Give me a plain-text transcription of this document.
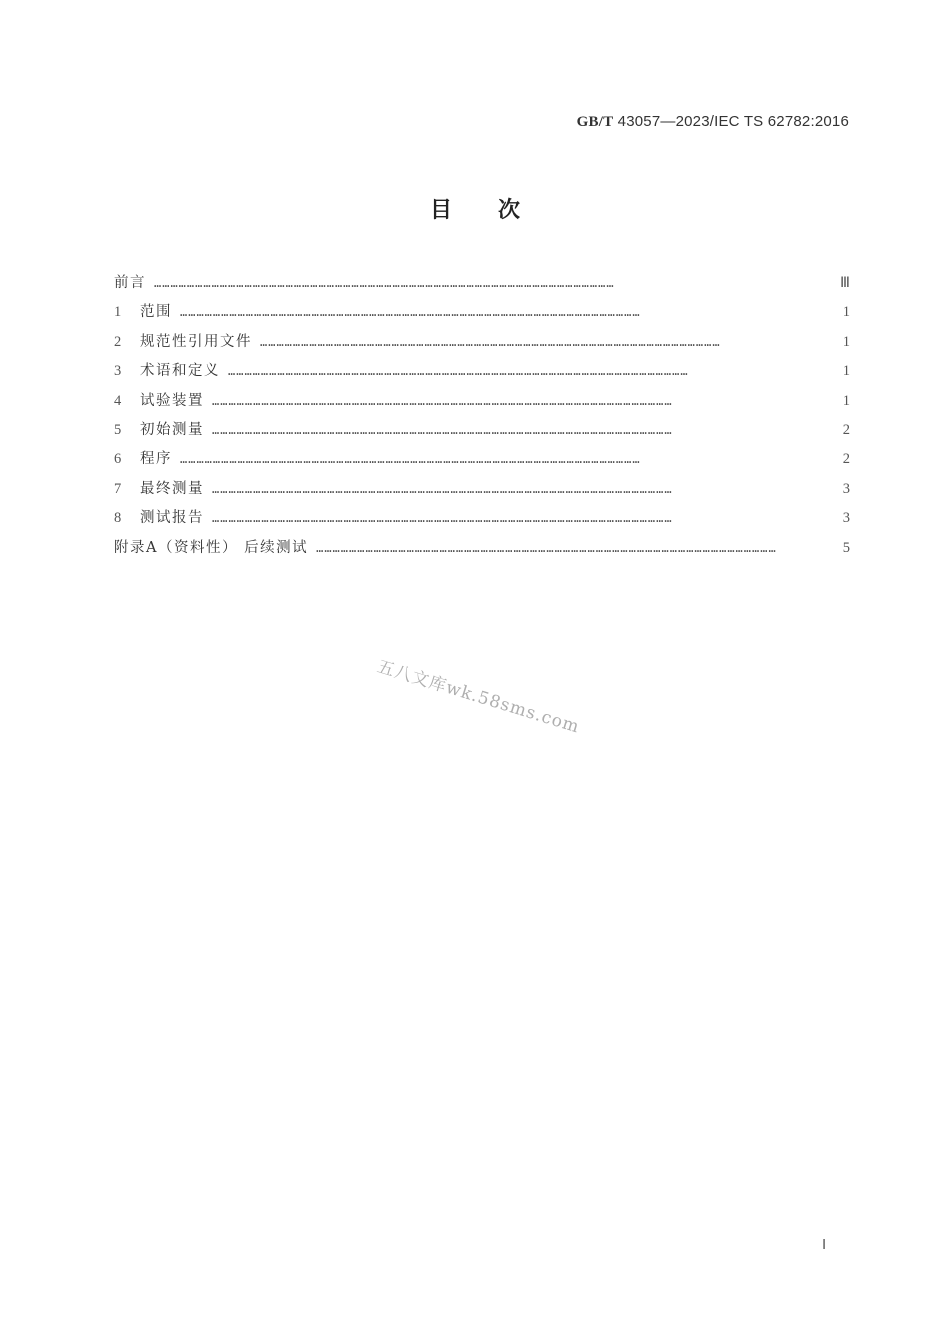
GB/T 43057—2023/IEC TS 62782:2016
目次
前言 ……………………………………………………………………………………………………………………………………………………	Ⅲ
1	范围 ……………………………………………………………………………………………………………………………………………………	1
2	规范性引用文件 ……………………………………………………………………………………………………………………………………………………	1
3	术语和定义 ……………………………………………………………………………………………………………………………………………………	1
4	试验装置 ……………………………………………………………………………………………………………………………………………………	1
5	初始测量 ……………………………………………………………………………………………………………………………………………………	2
6	程序 ……………………………………………………………………………………………………………………………………………………	2
7	最终测量 ……………………………………………………………………………………………………………………………………………………	3
8	测试报告 ……………………………………………………………………………………………………………………………………………………	3
附录A（资料性） 后续测试 ……………………………………………………………………………………………………………………………………………………	5
五八文库wk.58sms.com
Ⅰ
